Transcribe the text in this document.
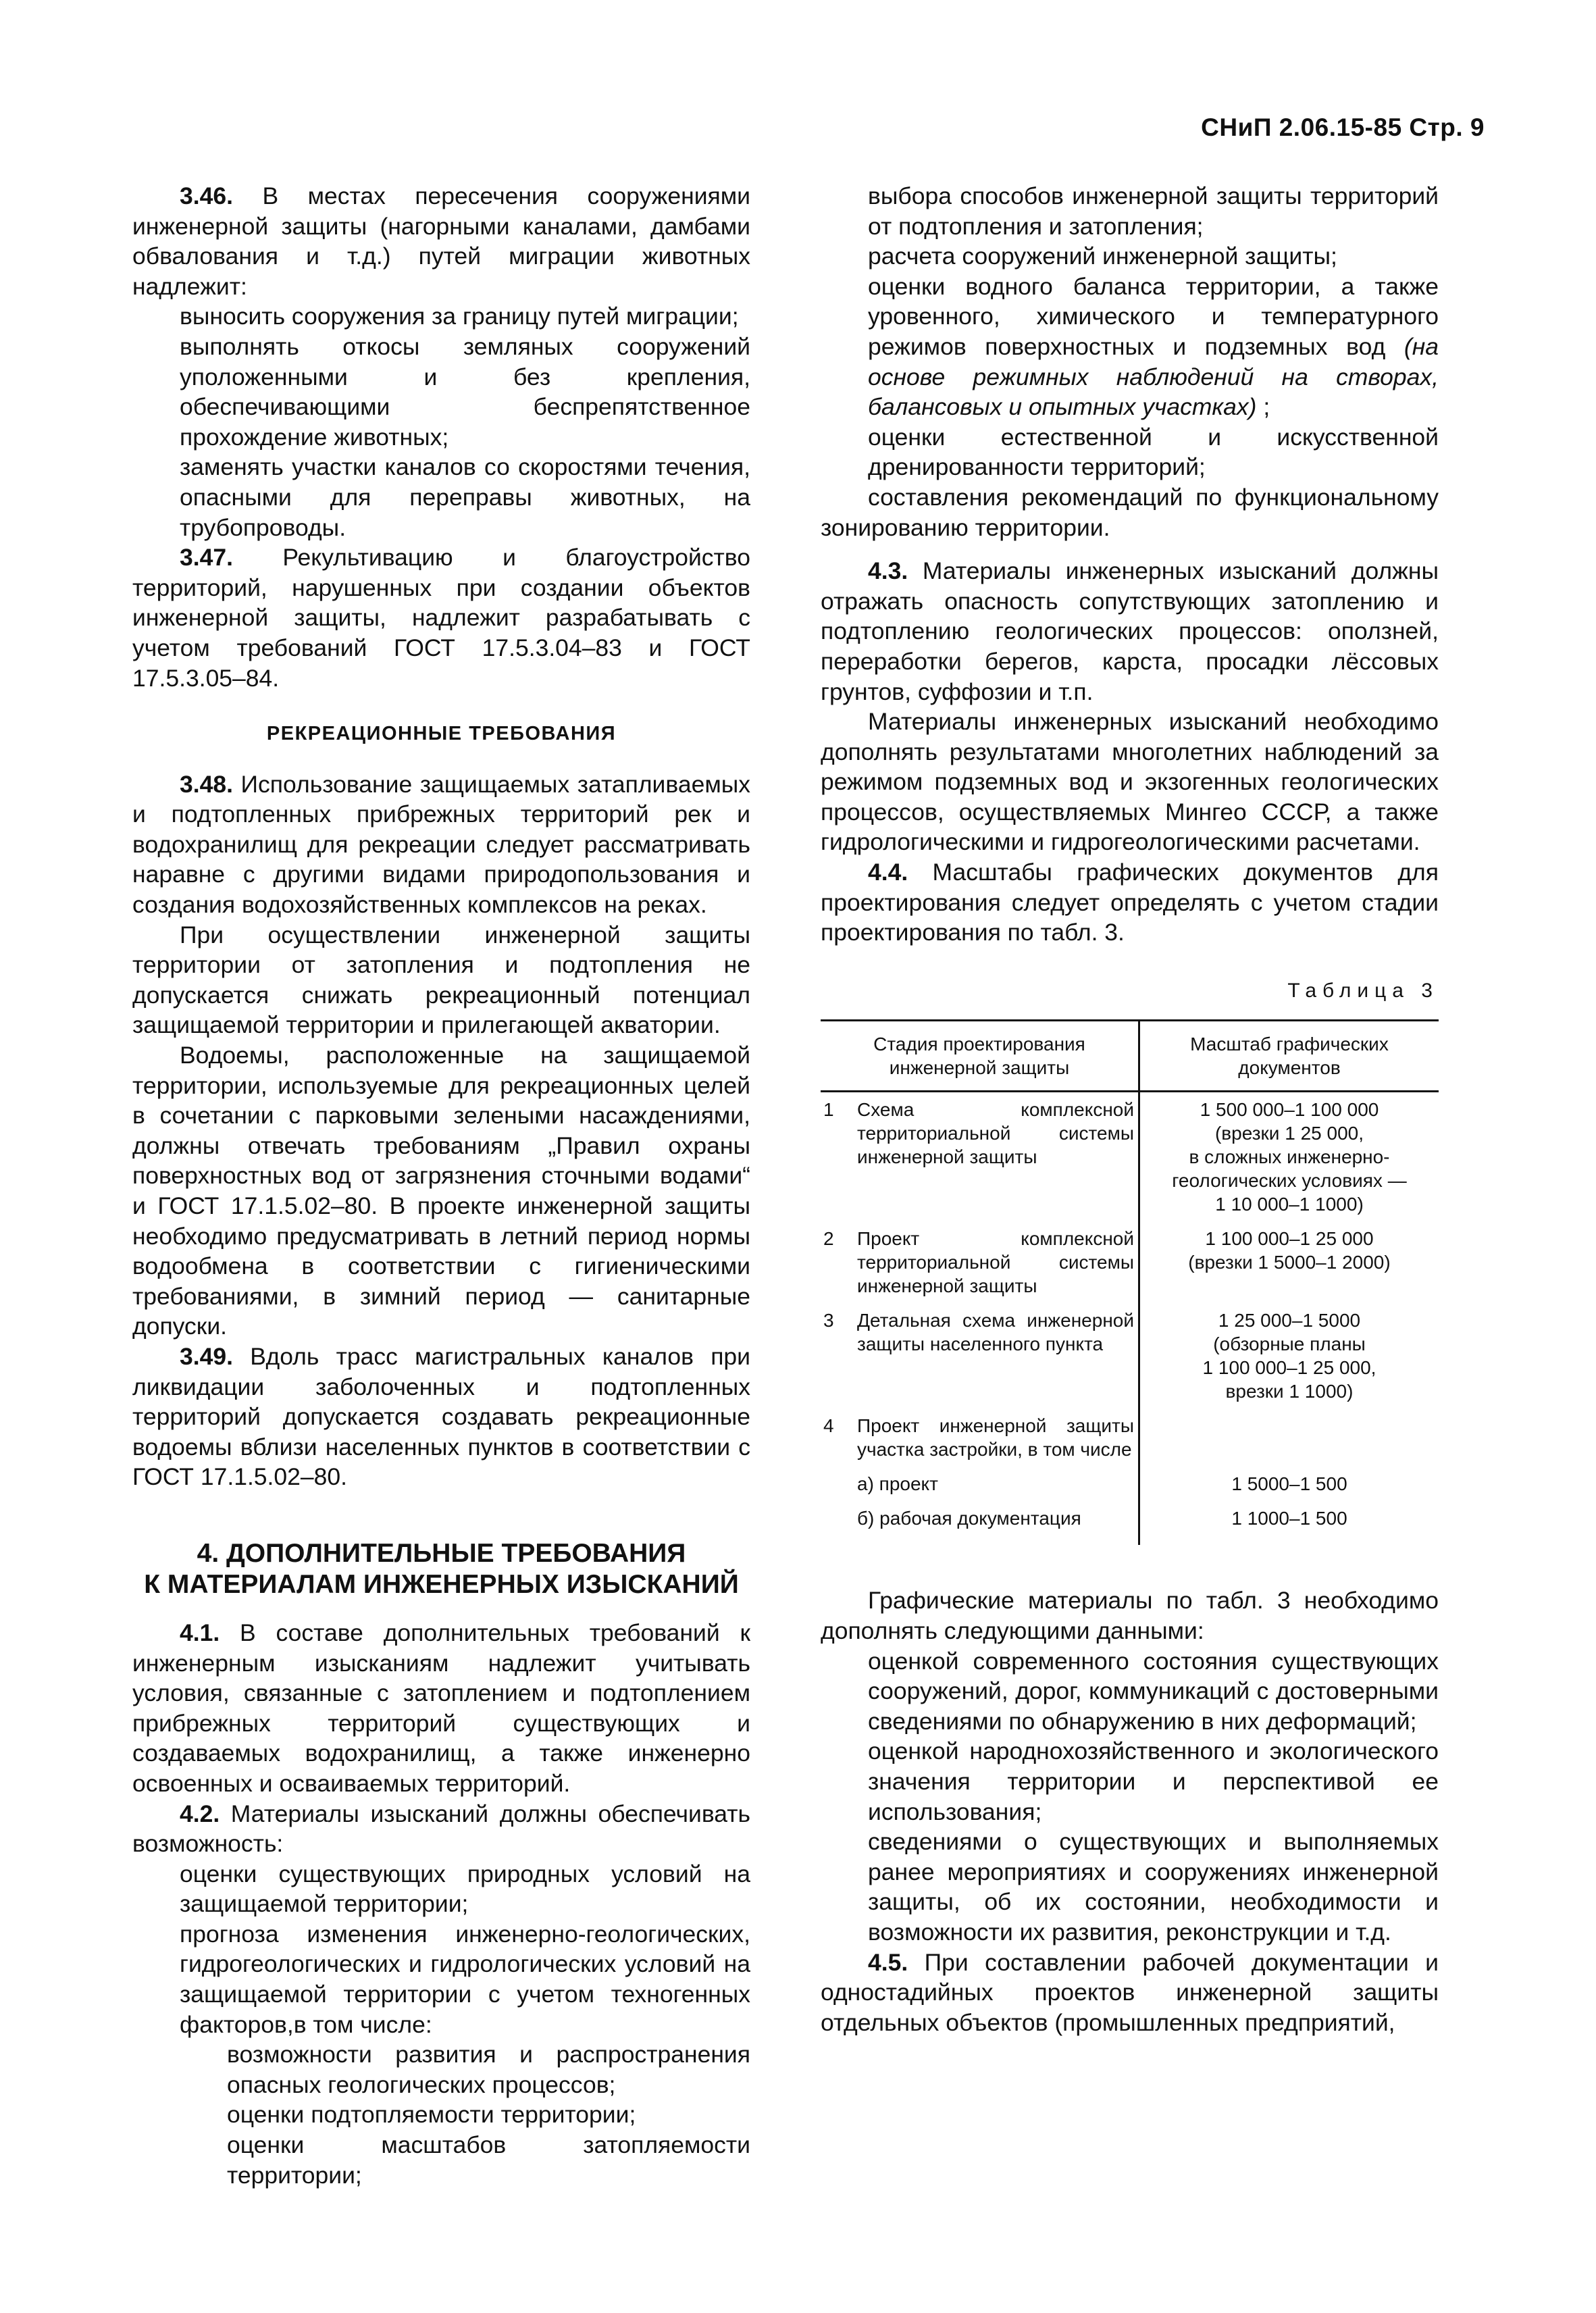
СНиП 2.06.15-85 Стр. 9

3.46. В местах пересечения сооружениями инженерной защиты (нагорными каналами, дамбами обвалования и т.д.) путей миграции животных надлежит:

выносить сооружения за границу путей миграции;

выполнять откосы земляных сооружений уположенными и без крепления, обеспечивающими беспрепятственное прохождение животных;

заменять участки каналов со скоростями течения, опасными для переправы животных, на трубопроводы.

3.47. Рекультивацию и благоустройство территорий, нарушенных при создании объектов инженерной защиты, надлежит разрабатывать с учетом требований ГОСТ 17.5.3.04–83 и ГОСТ 17.5.3.05–84.

РЕКРЕАЦИОННЫЕ ТРЕБОВАНИЯ

3.48. Использование защищаемых затапливаемых и подтопленных прибрежных территорий рек и водохранилищ для рекреации следует рассматривать наравне с другими видами природопользования и создания водохозяйственных комплексов на реках.

При осуществлении инженерной защиты территории от затопления и подтопления не допускается снижать рекреационный потенциал защищаемой территории и прилегающей акватории.

Водоемы, расположенные на защищаемой территории, используемые для рекреационных целей в сочетании с парковыми зелеными насаждениями, должны отвечать требованиям „Правил охраны поверхностных вод от загрязнения сточными водами“ и ГОСТ 17.1.5.02–80. В проекте инженерной защиты необходимо предусматривать в летний период нормы водообмена в соответствии с гигиеническими требованиями, в зимний период — санитарные допуски.

3.49. Вдоль трасс магистральных каналов при ликвидации заболоченных и подтопленных территорий допускается создавать рекреационные водоемы вблизи населенных пунктов в соответствии с ГОСТ 17.1.5.02–80.

4. ДОПОЛНИТЕЛЬНЫЕ ТРЕБОВАНИЯ
К МАТЕРИАЛАМ ИНЖЕНЕРНЫХ ИЗЫСКАНИЙ

4.1. В составе дополнительных требований к инженерным изысканиям надлежит учитывать условия, связанные с затоплением и подтоплением прибрежных территорий существующих и создаваемых водохранилищ, а также инженерно освоенных и осваиваемых территорий.

4.2. Материалы изысканий должны обеспечивать возможность:

оценки существующих природных условий на защищаемой территории;

прогноза изменения инженерно-геологических, гидрогеологических и гидрологических условий на защищаемой территории с учетом техногенных факторов,в том числе:

возможности развития и распространения опасных геологических процессов;

оценки подтопляемости территории;

оценки масштабов затопляемости территории;

выбора способов инженерной защиты территорий от подтопления и затопления;

расчета сооружений инженерной защиты;

оценки водного баланса территории, а также уровенного, химического и температурного режимов поверхностных и подземных вод (на основе режимных наблюдений на створах, балансовых и опытных участках) ;

оценки естественной и искусственной дренированности территорий;

составления рекомендаций по функциональному зонированию территории.

4.3. Материалы инженерных изысканий должны отражать опасность сопутствующих затоплению и подтоплению геологических процессов: оползней, переработки берегов, карста, просадки лёссовых грунтов, суффозии и т.п.

Материалы инженерных изысканий необходимо дополнять результатами многолетних наблюдений за режимом подземных вод и экзогенных геологических процессов, осуществляемых Мингео СССР, а также гидрологическими и гидрогеологическими расчетами.

4.4. Масштабы графических документов для проектирования следует определять с учетом стадии проектирования по табл. 3.

Таблица 3
Стадия проектирования инженерной защиты		Масштаб графических документов
1	Схема комплексной территориальной системы инженерной защиты	1 500 000–1 100 000
(врезки 1 25 000,
в сложных инженерно-геологических условиях —
1 10 000–1 1000)
2	Проект комплексной территориальной системы инженерной защиты	1 100 000–1 25 000
(врезки 1 5000–1 2000)
3	Детальная схема инженерной защиты населенного пункта	1 25 000–1 5000
(обзорные планы
1 100 000–1 25 000,
врезки 1 1000)
4	Проект инженерной защиты участка застройки, в том числе	
	а) проект	1 5000–1 500
	б) рабочая документация	1 1000–1 500

Графические материалы по табл. 3 необходимо дополнять следующими данными:

оценкой современного состояния существующих сооружений, дорог, коммуникаций с достоверными сведениями по обнаружению в них деформаций;

оценкой народнохозяйственного и экологического значения территории и перспективой ее использования;

сведениями о существующих и выполняемых ранее мероприятиях и сооружениях инженерной защиты, об их состоянии, необходимости и возможности их развития, реконструкции и т.д.

4.5. При составлении рабочей документации и одностадийных проектов инженерной защиты отдельных объектов (промышленных предприятий,
